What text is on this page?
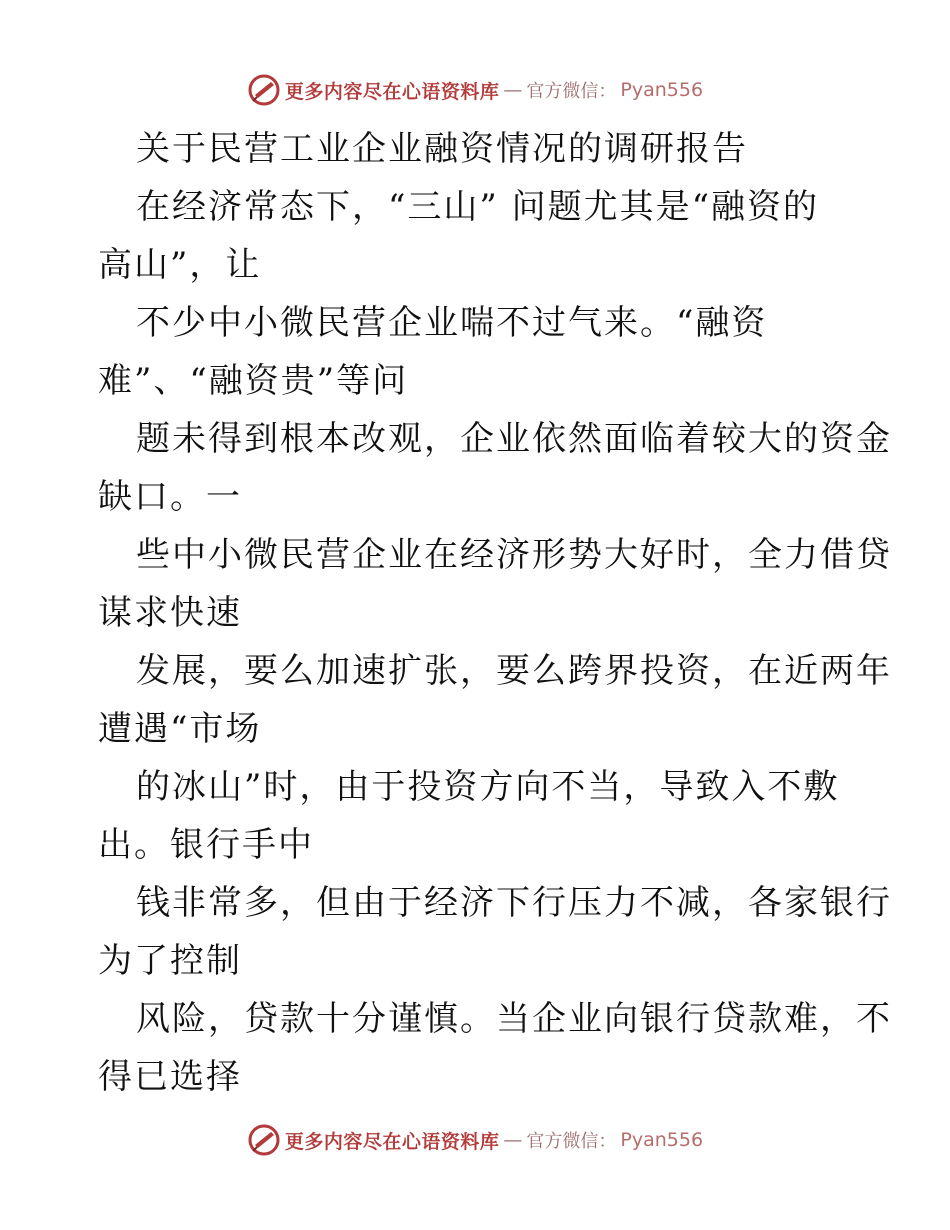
更多内容尽在心语资料库 — 官方微信： Pyan556
关于民营工业企业融资情况的调研报告
在经济常态下，“三山” 问题尤其是“融资的
高山”，让
不少中小微民营企业喘不过气来。“融资
难”、“融资贵”等问
题未得到根本改观，企业依然面临着较大的资金
缺口。一
些中小微民营企业在经济形势大好时，全力借贷
谋求快速
发展，要么加速扩张，要么跨界投资，在近两年
遭遇“市场
的冰山”时，由于投资方向不当，导致入不敷
出。银行手中
钱非常多，但由于经济下行压力不减，各家银行
为了控制
风险，贷款十分谨慎。当企业向银行贷款难，不
得已选择
更多内容尽在心语资料库 — 官方微信： Pyan556
